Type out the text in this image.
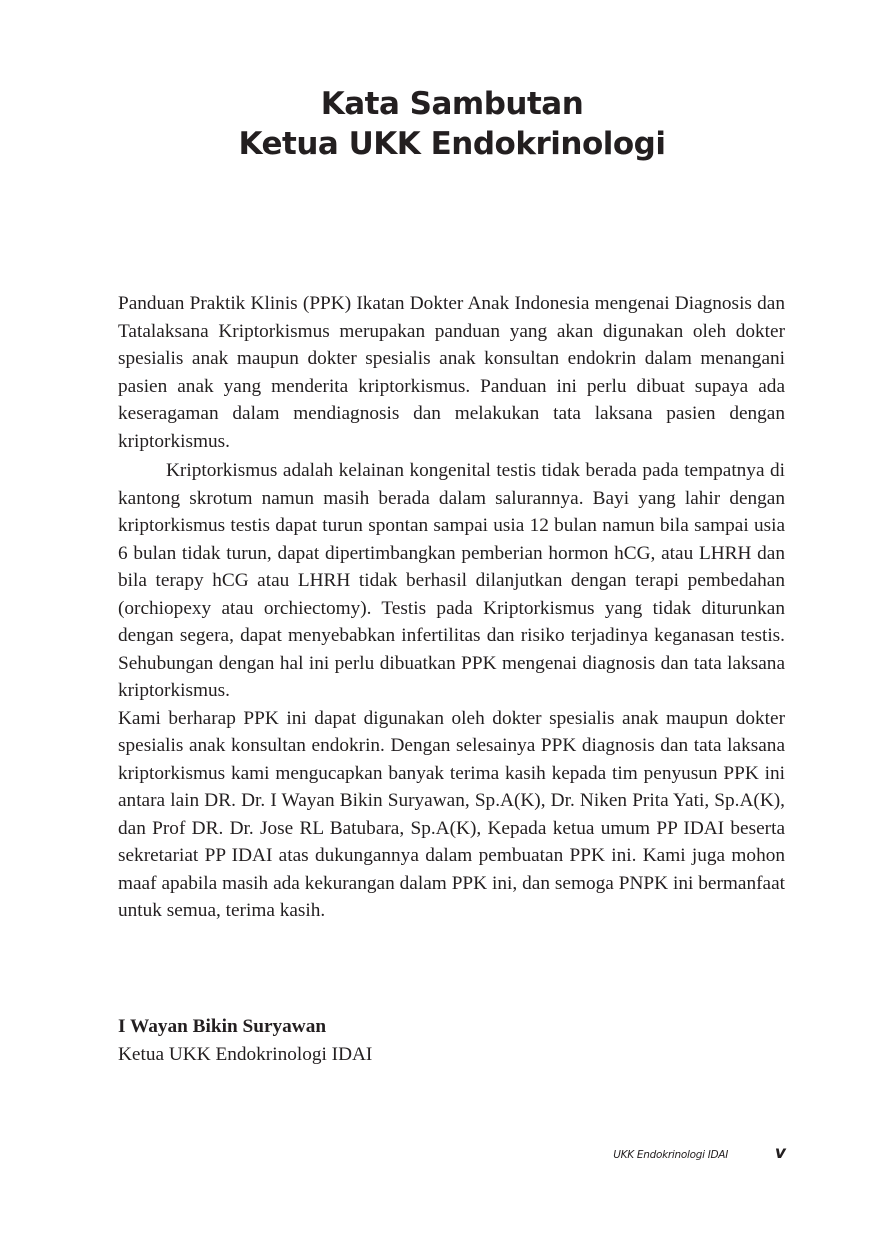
Kata Sambutan
Ketua UKK Endokrinologi

Panduan Praktik Klinis (PPK) Ikatan Dokter Anak Indonesia mengenai Diagnosis dan Tatalaksana Kriptorkismus merupakan panduan yang akan digunakan oleh dokter spesialis anak maupun dokter spesialis anak konsultan endokrin dalam menangani pasien anak yang menderita kriptorkismus. Panduan ini perlu dibuat supaya ada keseragaman dalam mendiagnosis dan melakukan tata laksana pasien dengan kriptorkismus.

Kriptorkismus adalah kelainan kongenital testis tidak berada pada tempatnya di kantong skrotum namun masih berada dalam salurannya. Bayi yang lahir dengan kriptorkismus testis dapat turun spontan sampai usia 12 bulan namun bila sampai usia 6 bulan tidak turun, dapat dipertimbangkan pemberian hormon hCG, atau LHRH dan bila terapy hCG atau LHRH tidak berhasil dilanjutkan dengan terapi pembedahan (orchiopexy atau orchiectomy). Testis pada Kriptorkismus yang tidak diturunkan dengan segera, dapat menyebabkan infertilitas dan risiko terjadinya keganasan testis. Sehubungan dengan hal ini perlu dibuatkan PPK mengenai diagnosis dan tata laksana kriptorkismus.

Kami berharap PPK ini dapat digunakan oleh dokter spesialis anak maupun dokter spesialis anak konsultan endokrin. Dengan selesainya PPK diagnosis dan tata laksana kriptorkismus kami mengucapkan banyak terima kasih kepada tim penyusun PPK ini antara lain DR. Dr. I Wayan Bikin Suryawan, Sp.A(K), Dr. Niken Prita Yati, Sp.A(K), dan Prof DR. Dr. Jose RL Batubara, Sp.A(K), Kepada ketua umum PP IDAI beserta sekretariat PP IDAI atas dukungannya dalam pembuatan PPK ini. Kami juga mohon maaf apabila masih ada kekurangan dalam PPK ini, dan semoga PNPK ini bermanfaat untuk semua, terima kasih.

I Wayan Bikin Suryawan
Ketua UKK Endokrinologi IDAI
UKK Endokrinologi IDAI	v
